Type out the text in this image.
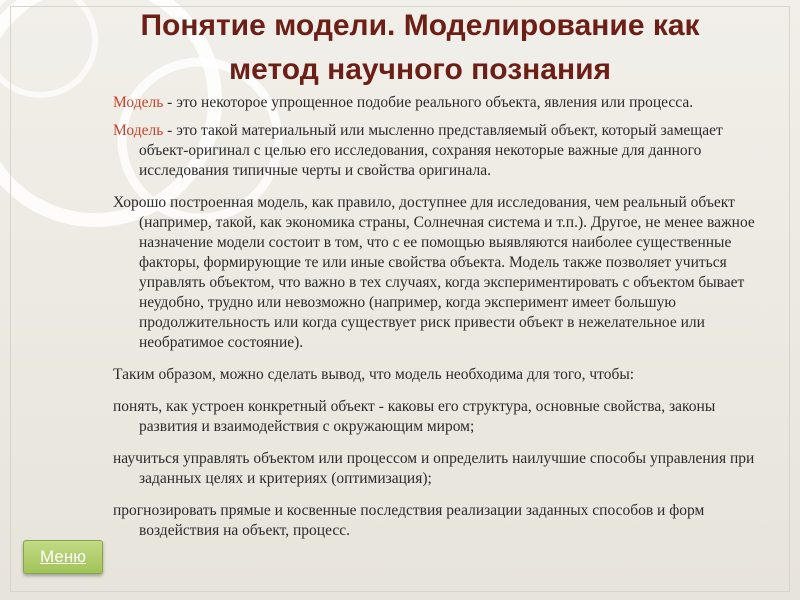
Понятие модели. Моделирование как
метод научного познания

Модель - это некоторое упрощенное подобие реального объекта, явления или процесса.

Модель - это такой материальный или мысленно представляемый объект, который замещает объект-оригинал с целью его исследования, сохраняя некоторые важные для данного исследования типичные черты и свойства оригинала.

Хорошо построенная модель, как правило, доступнее для исследования, чем реальный объект (например, такой, как экономика страны, Солнечная система и т.п.). Другое, не менее важное назначение модели состоит в том, что с ее помощью выявляются наиболее существенные факторы, формирующие те или иные свойства объекта. Модель также позволяет учиться управлять объектом, что важно в тех случаях, когда экспериментировать с объектом бывает неудобно, трудно или невозможно (например, когда эксперимент имеет большую продолжительность или когда существует риск привести объект в нежелательное или необратимое состояние).

Таким образом, можно сделать вывод, что модель необходима для того, чтобы:

понять, как устроен конкретный объект - каковы его структура, основные свойства, законы развития и взаимодействия с окружающим миром;

научиться управлять объектом или процессом и определить наилучшие способы управления при заданных целях и критериях (оптимизация);

прогнозировать прямые и косвенные последствия реализации заданных способов и форм воздействия на объект, процесс.

Меню
